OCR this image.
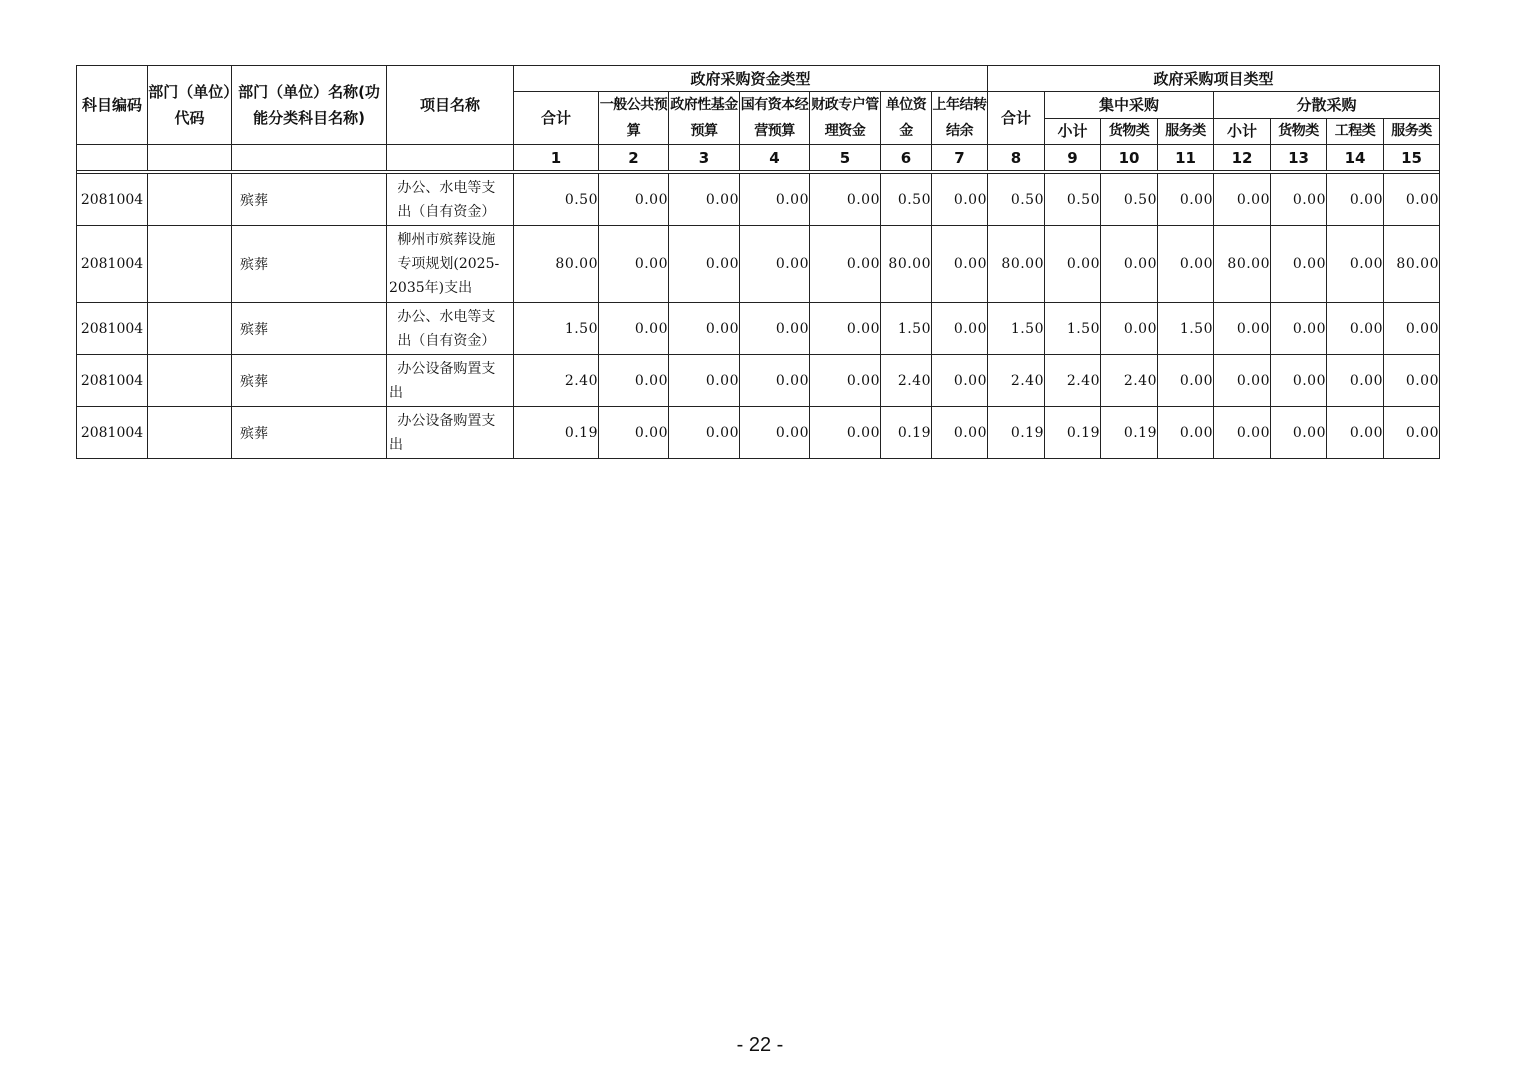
科目编码	部门（单位）代码	部门（单位）名称(功能分类科目名称)	项目名称	政府采购资金类型							政府采购项目类型							
				合计	一般公共预算	政府性基金预算	国有资本经营预算	财政专户管理资金	单位资金	上年结转结余	合计	集中采购			分散采购			
												小计	货物类	服务类	小计	货物类	工程类	服务类
				1	2	3	4	5	6	7	8	9	10	11	12	13	14	15

2081004		殡葬	办公、水电等支
出（自有资金）	0.50	0.00	0.00	0.00	0.00	0.50	0.00	0.50	0.50	0.50	0.00	0.00	0.00	0.00	0.00
2081004		殡葬	柳州市殡葬设施
专项规划(2025-
2035年)支出	80.00	0.00	0.00	0.00	0.00	80.00	0.00	80.00	0.00	0.00	0.00	80.00	0.00	0.00	80.00
2081004		殡葬	办公、水电等支
出（自有资金）	1.50	0.00	0.00	0.00	0.00	1.50	0.00	1.50	1.50	0.00	1.50	0.00	0.00	0.00	0.00
2081004		殡葬	办公设备购置支
出	2.40	0.00	0.00	0.00	0.00	2.40	0.00	2.40	2.40	2.40	0.00	0.00	0.00	0.00	0.00
2081004		殡葬	办公设备购置支
出	0.19	0.00	0.00	0.00	0.00	0.19	0.00	0.19	0.19	0.19	0.00	0.00	0.00	0.00	0.00
- 22 -
